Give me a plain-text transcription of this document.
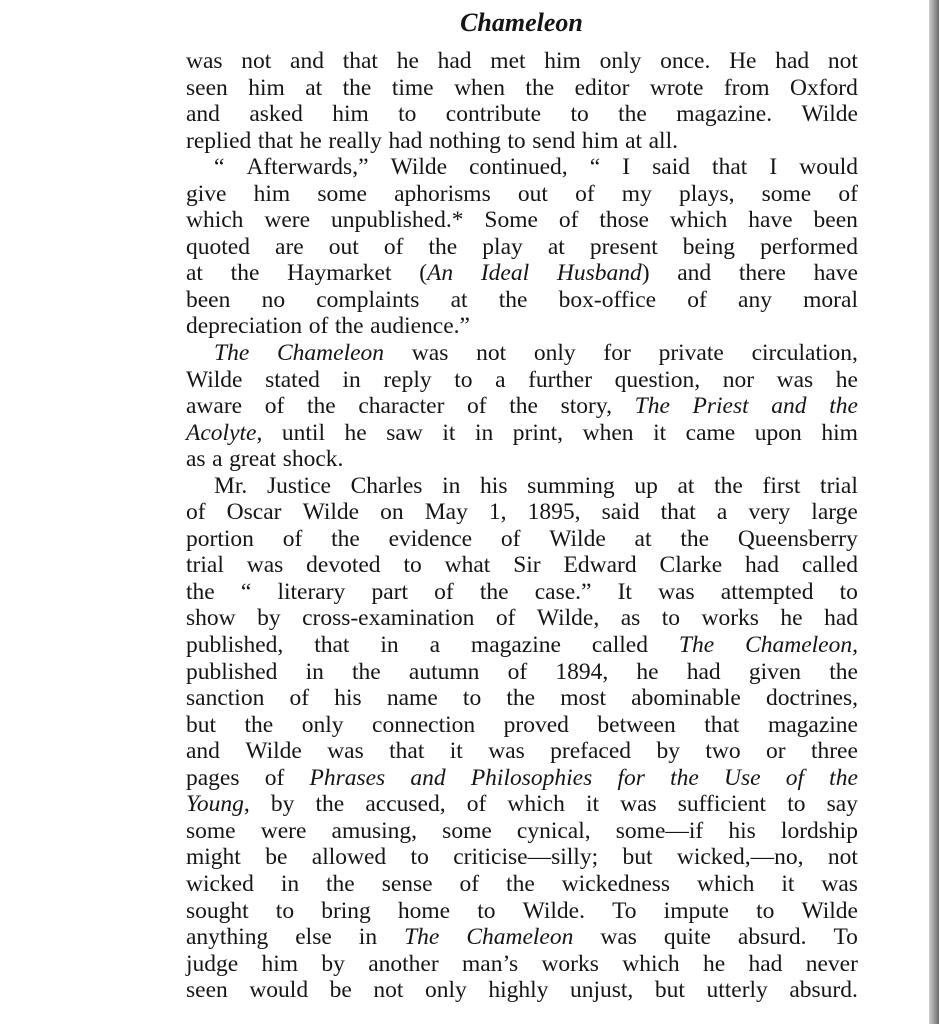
Chameleon
was not and that he had met him only once. He had not
seen him at the time when the editor wrote from Oxford
and asked him to contribute to the magazine. Wilde
replied that he really had nothing to send him at all.
“ Afterwards,” Wilde continued, “ I said that I would
give him some aphorisms out of my plays, some of
which were unpublished.* Some of those which have been
quoted are out of the play at present being performed
at the Haymarket (An Ideal Husband) and there have
been no complaints at the box-office of any moral
depreciation of the audience.”
The Chameleon was not only for private circulation,
Wilde stated in reply to a further question, nor was he
aware of the character of the story, The Priest and the
Acolyte, until he saw it in print, when it came upon him
as a great shock.
Mr. Justice Charles in his summing up at the first trial
of Oscar Wilde on May 1, 1895, said that a very large
portion of the evidence of Wilde at the Queensberry
trial was devoted to what Sir Edward Clarke had called
the “ literary part of the case.” It was attempted to
show by cross-examination of Wilde, as to works he had
published, that in a magazine called The Chameleon,
published in the autumn of 1894, he had given the
sanction of his name to the most abominable doctrines,
but the only connection proved between that magazine
and Wilde was that it was prefaced by two or three
pages of Phrases and Philosophies for the Use of the
Young, by the accused, of which it was sufficient to say
some were amusing, some cynical, some—if his lordship
might be allowed to criticise—silly; but wicked,—no, not
wicked in the sense of the wickedness which it was
sought to bring home to Wilde. To impute to Wilde
anything else in The Chameleon was quite absurd. To
judge him by another man’s works which he had never
seen would be not only highly unjust, but utterly absurd.
